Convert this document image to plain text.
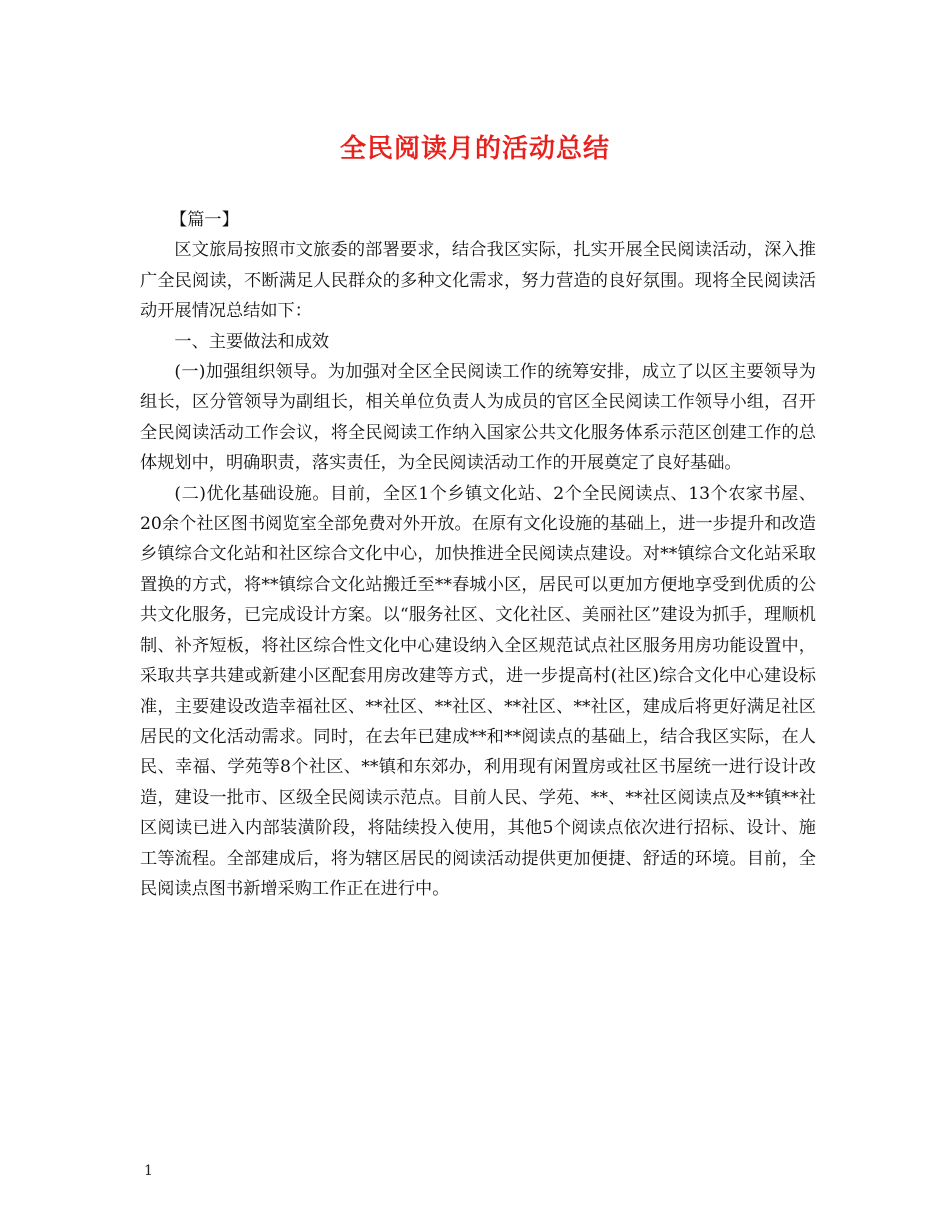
全民阅读月的活动总结

【篇一】

区文旅局按照市文旅委的部署要求，结合我区实际，扎实开展全民阅读活动，深入推广全民阅读，不断满足人民群众的多种文化需求，努力营造的良好氛围。现将全民阅读活动开展情况总结如下：

一、主要做法和成效

(一)加强组织领导。为加强对全区全民阅读工作的统筹安排，成立了以区主要领导为组长，区分管领导为副组长，相关单位负责人为成员的官区全民阅读工作领导小组，召开全民阅读活动工作会议，将全民阅读工作纳入国家公共文化服务体系示范区创建工作的总体规划中，明确职责，落实责任，为全民阅读活动工作的开展奠定了良好基础。

(二)优化基础设施。目前，全区1个乡镇文化站、2个全民阅读点、13个农家书屋、20余个社区图书阅览室全部免费对外开放。在原有文化设施的基础上，进一步提升和改造乡镇综合文化站和社区综合文化中心，加快推进全民阅读点建设。对**镇综合文化站采取置换的方式，将**镇综合文化站搬迁至**春城小区，居民可以更加方便地享受到优质的公共文化服务，已完成设计方案。以“服务社区、文化社区、美丽社区”建设为抓手，理顺机制、补齐短板，将社区综合性文化中心建设纳入全区规范试点社区服务用房功能设置中，采取共享共建或新建小区配套用房改建等方式，进一步提高村(社区)综合文化中心建设标准，主要建设改造幸福社区、**社区、**社区、**社区、**社区，建成后将更好满足社区居民的文化活动需求。同时，在去年已建成**和**阅读点的基础上，结合我区实际，在人民、幸福、学苑等8个社区、**镇和东郊办，利用现有闲置房或社区书屋统一进行设计改造，建设一批市、区级全民阅读示范点。目前人民、学苑、**、**社区阅读点及**镇**社区阅读已进入内部装潢阶段，将陆续投入使用，其他5个阅读点依次进行招标、设计、施工等流程。全部建成后，将为辖区居民的阅读活动提供更加便捷、舒适的环境。目前，全民阅读点图书新增采购工作正在进行中。

1
